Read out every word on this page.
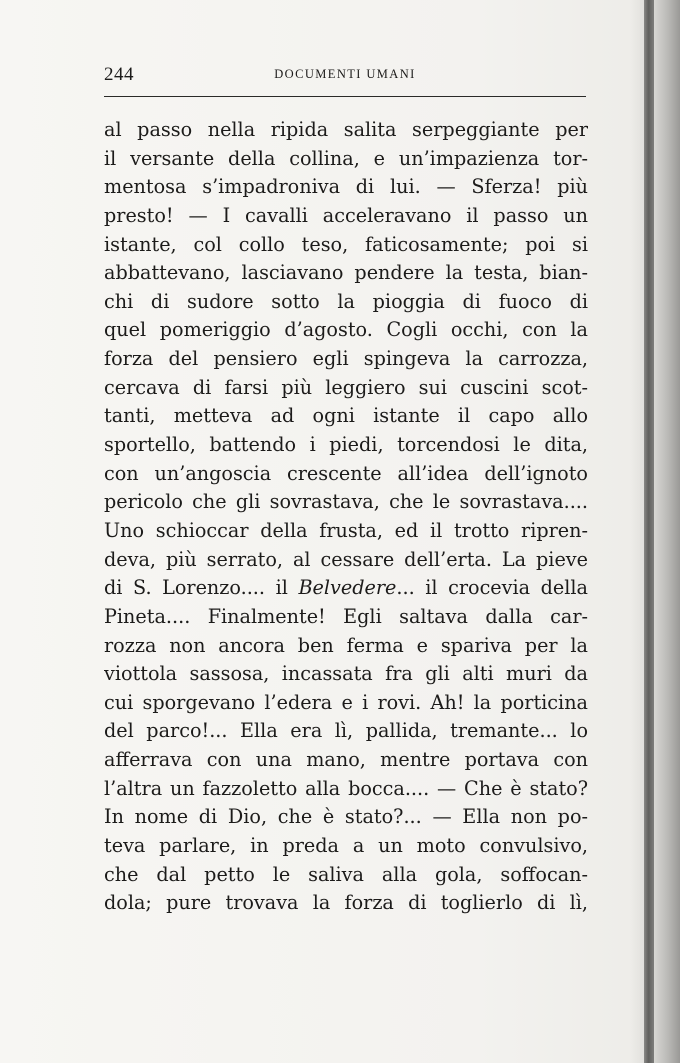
244	DOCUMENTI UMANI
al passo nella ripida salita serpeggiante per
il versante della collina, e un’impazienza tor-
mentosa s’impadroniva di lui. — Sferza! più
presto! — I cavalli acceleravano il passo un
istante, col collo teso, faticosamente; poi si
abbattevano, lasciavano pendere la testa, bian-
chi di sudore sotto la pioggia di fuoco di
quel pomeriggio d’agosto. Cogli occhi, con la
forza del pensiero egli spingeva la carrozza,
cercava di farsi più leggiero sui cuscini scot-
tanti, metteva ad ogni istante il capo allo
sportello, battendo i piedi, torcendosi le dita,
con un’angoscia crescente all’idea dell’ignoto
pericolo che gli sovrastava, che le sovrastava....
Uno schioccar della frusta, ed il trotto ripren-
deva, più serrato, al cessare dell’erta. La pieve
di S. Lorenzo.... il Belvedere... il crocevia della
Pineta.... Finalmente! Egli saltava dalla car-
rozza non ancora ben ferma e spariva per la
viottola sassosa, incassata fra gli alti muri da
cui sporgevano l’edera e i rovi. Ah! la porticina
del parco!... Ella era lì, pallida, tremante... lo
afferrava con una mano, mentre portava con
l’altra un fazzoletto alla bocca.... — Che è stato?
In nome di Dio, che è stato?... — Ella non po-
teva parlare, in preda a un moto convulsivo,
che dal petto le saliva alla gola, soffocan-
dola; pure trovava la forza di toglierlo di lì,
